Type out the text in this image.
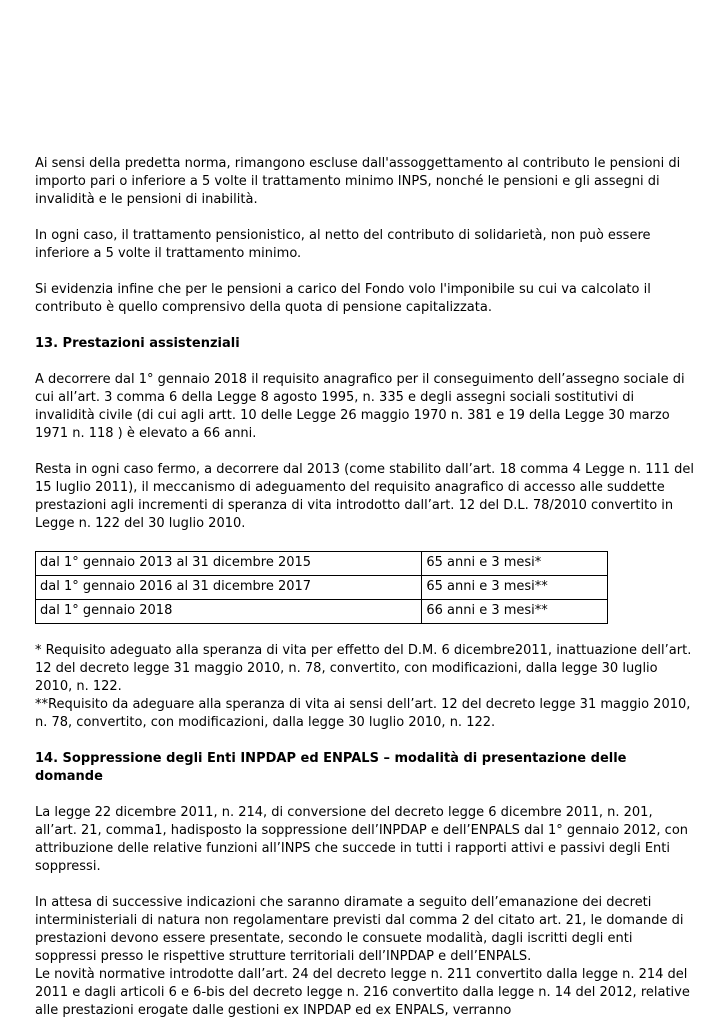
Ai sensi della predetta norma, rimangono escluse dall'assoggettamento al contributo le pensioni di importo pari o inferiore a 5 volte il trattamento minimo INPS, nonché le pensioni e gli assegni di invalidità e le pensioni di inabilità.

In ogni caso, il trattamento pensionistico, al netto del contributo di solidarietà, non può essere inferiore a 5 volte il trattamento minimo.

Si evidenzia infine che per le pensioni a carico del Fondo volo l'imponibile su cui va calcolato il contributo è quello comprensivo della quota di pensione capitalizzata.

13. Prestazioni assistenziali

A decorrere dal 1° gennaio 2018 il requisito anagrafico per il conseguimento dell’assegno sociale di cui all’art. 3 comma 6 della Legge 8 agosto 1995, n. 335 e degli assegni sociali sostitutivi di invalidità civile (di cui agli artt. 10 delle Legge 26 maggio 1970 n. 381 e 19 della Legge 30 marzo 1971 n. 118 ) è elevato a 66 anni.

Resta in ogni caso fermo, a decorrere dal 2013 (come stabilito dall’art. 18 comma 4 Legge n. 111 del 15 luglio 2011), il meccanismo di adeguamento del requisito anagrafico di accesso alle suddette prestazioni agli incrementi di speranza di vita introdotto dall’art. 12 del D.L. 78/2010 convertito in Legge n. 122 del 30 luglio 2010.

dal 1° gennaio 2013 al 31 dicembre 2015	65 anni e 3 mesi*
dal 1° gennaio 2016 al 31 dicembre 2017	65 anni e 3 mesi**
dal 1° gennaio 2018	66 anni e 3 mesi**

* Requisito adeguato alla speranza di vita per effetto del D.M. 6 dicembre2011, inattuazione dell’art. 12 del decreto legge 31 maggio 2010, n. 78, convertito, con modificazioni, dalla legge 30 luglio 2010, n. 122.

**Requisito da adeguare alla speranza di vita ai sensi dell’art. 12 del decreto legge 31 maggio 2010, n. 78, convertito, con modificazioni, dalla legge 30 luglio 2010, n. 122.

14. Soppressione degli Enti INPDAP ed ENPALS – modalità di presentazione delle domande

La legge 22 dicembre 2011, n. 214, di conversione del decreto legge 6 dicembre 2011, n. 201, all’art. 21, comma1, hadisposto la soppressione dell’INPDAP e dell’ENPALS dal 1° gennaio 2012, con attribuzione delle relative funzioni all’INPS che succede in tutti i rapporti attivi e passivi degli Enti soppressi.

In attesa di successive indicazioni che saranno diramate a seguito dell’emanazione dei decreti interministeriali di natura non regolamentare previsti dal comma 2 del citato art. 21, le domande di prestazioni devono essere presentate, secondo le consuete modalità, dagli iscritti degli enti soppressi presso le rispettive strutture territoriali dell’INPDAP e dell’ENPALS.

Le novità normative introdotte dall’art. 24 del decreto legge n. 211 convertito dalla legge n. 214 del 2011 e dagli articoli 6 e 6-bis del decreto legge n. 216 convertito dalla legge n. 14 del 2012, relative alle prestazioni erogate dalle gestioni ex INPDAP ed ex ENPALS, verranno
